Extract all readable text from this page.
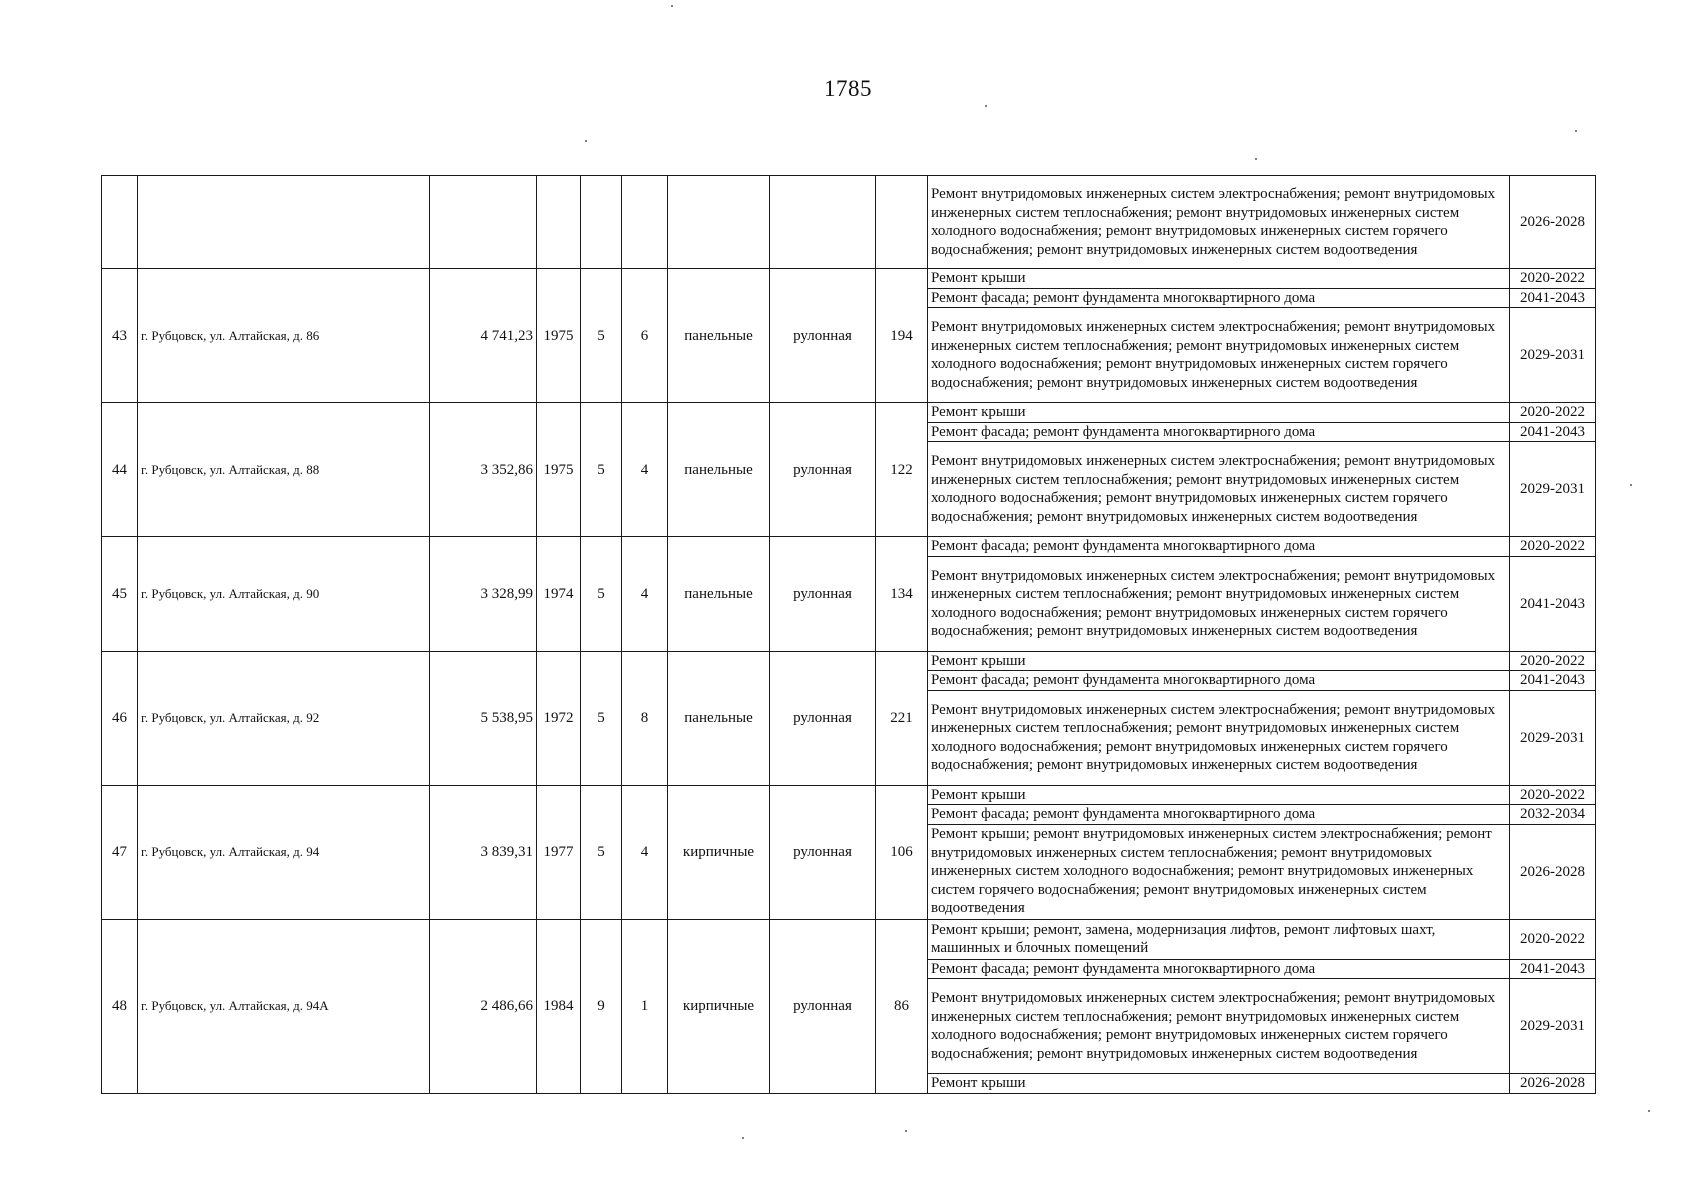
1785
									Ремонт внутридомовых инженерных систем электроснабжения; ремонт внутридомовых инженерных систем теплоснабжения; ремонт внутридомовых инженерных систем холодного водоснабжения; ремонт внутридомовых инженерных систем горячего водоснабжения; ремонт внутридомовых инженерных систем водоотведения	2026-2028
43	г. Рубцовск, ул. Алтайская, д. 86	4 741,23	1975	5	6	панельные	рулонная	194	Ремонт крыши	2020-2022
									Ремонт фасада; ремонт фундамента многоквартирного дома	2041-2043
									Ремонт внутридомовых инженерных систем электроснабжения; ремонт внутридомовых инженерных систем теплоснабжения; ремонт внутридомовых инженерных систем холодного водоснабжения; ремонт внутридомовых инженерных систем горячего водоснабжения; ремонт внутридомовых инженерных систем водоотведения	2029-2031
44	г. Рубцовск, ул. Алтайская, д. 88	3 352,86	1975	5	4	панельные	рулонная	122	Ремонт крыши	2020-2022
									Ремонт фасада; ремонт фундамента многоквартирного дома	2041-2043
									Ремонт внутридомовых инженерных систем электроснабжения; ремонт внутридомовых инженерных систем теплоснабжения; ремонт внутридомовых инженерных систем холодного водоснабжения; ремонт внутридомовых инженерных систем горячего водоснабжения; ремонт внутридомовых инженерных систем водоотведения	2029-2031
45	г. Рубцовск, ул. Алтайская, д. 90	3 328,99	1974	5	4	панельные	рулонная	134	Ремонт фасада; ремонт фундамента многоквартирного дома	2020-2022
									Ремонт внутридомовых инженерных систем электроснабжения; ремонт внутридомовых инженерных систем теплоснабжения; ремонт внутридомовых инженерных систем холодного водоснабжения; ремонт внутридомовых инженерных систем горячего водоснабжения; ремонт внутридомовых инженерных систем водоотведения	2041-2043
46	г. Рубцовск, ул. Алтайская, д. 92	5 538,95	1972	5	8	панельные	рулонная	221	Ремонт крыши	2020-2022
									Ремонт фасада; ремонт фундамента многоквартирного дома	2041-2043
									Ремонт внутридомовых инженерных систем электроснабжения; ремонт внутридомовых инженерных систем теплоснабжения; ремонт внутридомовых инженерных систем холодного водоснабжения; ремонт внутридомовых инженерных систем горячего водоснабжения; ремонт внутридомовых инженерных систем водоотведения	2029-2031
47	г. Рубцовск, ул. Алтайская, д. 94	3 839,31	1977	5	4	кирпичные	рулонная	106	Ремонт крыши	2020-2022
									Ремонт фасада; ремонт фундамента многоквартирного дома	2032-2034
									Ремонт крыши; ремонт внутридомовых инженерных систем электроснабжения; ремонт внутридомовых инженерных систем теплоснабжения; ремонт внутридомовых инженерных систем холодного водоснабжения; ремонт внутридомовых инженерных систем горячего водоснабжения; ремонт внутридомовых инженерных систем водоотведения	2026-2028
48	г. Рубцовск, ул. Алтайская, д. 94А	2 486,66	1984	9	1	кирпичные	рулонная	86	Ремонт крыши; ремонт, замена, модернизация лифтов, ремонт лифтовых шахт, машинных и блочных помещений	2020-2022
									Ремонт фасада; ремонт фундамента многоквартирного дома	2041-2043
									Ремонт внутридомовых инженерных систем электроснабжения; ремонт внутридомовых инженерных систем теплоснабжения; ремонт внутридомовых инженерных систем холодного водоснабжения; ремонт внутридомовых инженерных систем горячего водоснабжения; ремонт внутридомовых инженерных систем водоотведения	2029-2031
									Ремонт крыши	2026-2028
